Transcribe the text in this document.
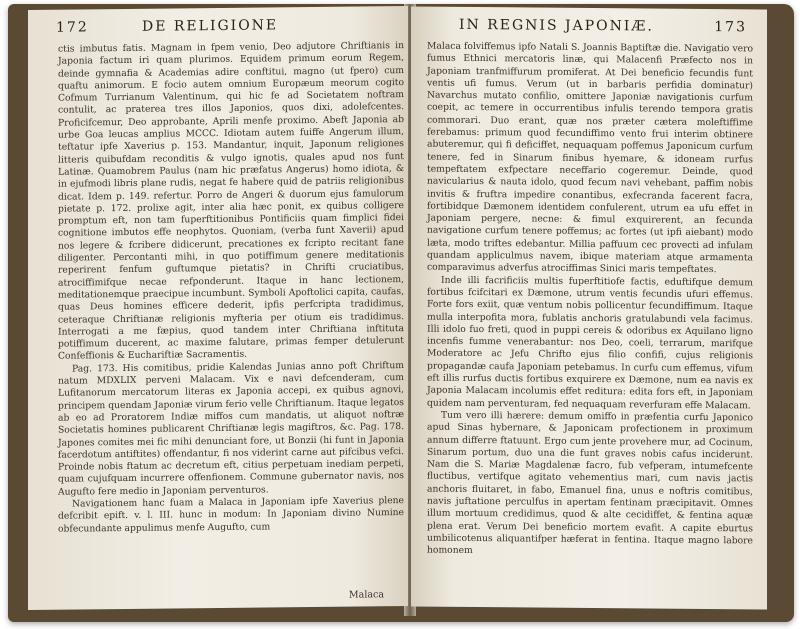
172	DE RELIGIONE

ctis imbutus fatis. Magnam in fpem venio, Deo adjutore Chriftianis in Japonia factum iri quam plurimos. Equidem primum eorum Regem, deinde gymnafia & Academias adire conftitui, magno (ut fpero) cum quaftu animorum. E focio autem omnium Europæum meorum cogito Cofmum Turrianum Valentinum, qui hic fe ad Societatem noftram contulit, ac praterea tres illos Japonios, quos dixi, adolefcentes. Proficifcemur, Deo approbante, Aprili menfe proximo. Abeft Japonia ab urbe Goa leucas amplius MCCC. Idiotam autem fuiffe Angerum illum, teftatur ipfe Xaverius p. 153. Mandantur, inquit, Japonum religiones litteris quibufdam reconditis & vulgo ignotis, quales apud nos funt Latinæ. Quamobrem Paulus (nam hic præfatus Angerus) homo idiota, & in ejufmodi libris plane rudis, negat fe habere quid de patriis religionibus dicat. Idem p. 149. refertur. Porro de Angeri & duorum ejus famulorum pietate p. 172. prolixe agit, inter alia hæc ponit, ex quibus colligere promptum eft, non tam fuperftitionibus Pontificiis quam fimplici fidei cognitione imbutos effe neophytos. Quoniam, (verba funt Xaverii) apud nos legere & fcribere didicerunt, precationes ex fcripto recitant fane diligenter. Percontanti mihi, in quo potiffimum genere meditationis reperirent fenfum guftumque pietatis? in Chrifti cruciatibus, atrociffimifque necae refponderunt. Itaque in hanc lectionem, meditationemque praecipue incumbunt. Symboli Apoftolici capita, caufas, quas Deus homines efficere dederit, ipfis perfcripta tradidimus, ceteraque Chriftianæ religionis myfteria per otium eis tradidimus. Interrogati a me fæpius, quod tandem inter Chriftiana inftituta potiffimum ducerent, ac maxime falutare, primas femper detulerunt Confeffionis & Euchariftiæ Sacramentis.

Pag. 173. His comitibus, pridie Kalendas Junias anno poft Chriftum natum MDXLIX perveni Malacam. Vix e navi defcenderam, cum Lufitanorum mercatorum literas ex Japonia accepi, ex quibus agnovi, principem quendam Japoniæ virum ferio velle Chriftianum. Itaque legatos ab eo ad Proratorem Indiæ miffos cum mandatis, ut aliquot noftræ Societatis homines publicarent Chriftianæ legis magiftros, &c. Pag. 178. Japones comites mei fic mihi denunciant fore, ut Bonzii (hi funt in Japonia facerdotum antiftites) offendantur, fi nos viderint carne aut pifcibus vefci. Proinde nobis ftatum ac decretum eft, citius perpetuam inediam perpeti, quam cujufquam incurrere offenfionem. Commune gubernator navis, nos Augufto fere medio in Japoniam perventuros.

Navigationem hanc fuam a Malaca in Japoniam ipfe Xaverius plene defcribit epift. v. l. III. hunc in modum: In Japoniam divino Numine obfecundante appulimus menfe Augufto, cum

Malaca
IN REGNIS JAPONIÆ.	173

Malaca folviffemus ipfo Natali S. Joannis Baptiftæ die. Navigatio vero fumus Ethnici mercatoris linæ, qui Malacenfi Præfecto nos in Japoniam tranfmiffurum promiferat. At Dei beneficio fecundis funt ventis ufi fumus. Verum (ut in barbaris perfidia dominatur) Navarchus mutato confilio, omittere Japoniæ navigationis curfum coepit, ac temere in occurrentibus infulis terendo tempora gratis commorari. Duo erant, quæ nos præter cætera moleftiffime ferebamus: primum quod fecundiffimo vento frui interim obtinere abuteremur, qui fi deficiffet, nequaquam poffemus Japonicum curfum tenere, fed in Sinarum finibus hyemare, & idoneam rurfus tempeftatem exfpectare neceffario cogeremur. Deinde, quod navicularius & nauta idolo, quod fecum navi vehebant, paffim nobis invitis & fruftra impedire conantibus, exfecranda facerent facra, fortibidque Dæmonem identidem confulerent, utrum ea ufu effet in Japoniam pergere, necne: & fimul exquirerent, an fecunda navigatione curfum tenere poffemus; ac fortes (ut ipfi aiebant) modo læta, modo triftes edebantur. Millia paffuum cec provecti ad infulam quandam appliculmus navem, ibique materiam atque armamenta comparavimus adverfus atrociffimas Sinici maris tempeftates.

Inde illi facrificiis multis fuperftitiofe factis, eduftifque demum fortibus fcifcitari ex Dæmone, utrum ventis fecundis ufuri effemus. Forte fors exiit, quæ ventum nobis pollicentur fecundiffimum. Itaque mulla interpofita mora, fublatis anchoris gratulabundi vela facimus. Illi idolo fuo freti, quod in puppi cereis & odoribus ex Aquilano ligno incenfis fumme venerabantur: nos Deo, coeli, terrarum, marifque Moderatore ac Jefu Chrifto ejus filio confifi, cujus religionis propagandæ caufa Japoniam petebamus. In curfu cum effemus, vifum eft illis rurfus ductis fortibus exquirere ex Dæmone, num ea navis ex Japonia Malacam incolumis effet reditura: edita fors eft, in Japoniam quidem nam perventuram, fed nequaquam reverfuram effe Malacam.

Tum vero illi hærere: demum omiffo in præfentia curfu Japonico apud Sinas hybernare, & Japonicam profectionem in proximum annum differre ftatuunt. Ergo cum jente provehere mur, ad Cocinum, Sinarum portum, duo una die funt graves nobis cafus inciderunt. Nam die S. Mariæ Magdalenæ facro, fub vefperam, intumefcente fluctibus, vertifque agitato vehementius mari, cum navis jactis anchoris fluitaret, in fabo, Emanuel fina, unus e noftris comitibus, navis juftatione perculfus in apertam fentinam præcipitavit. Omnes illum mortuum credidimus, quod & alte cecidiffet, & fentina aquæ plena erat. Verum Dei beneficio mortem evafit. A capite eburtus umbilicotenus aliquantifper hæferat in fentina. Itaque magno labore homonem
